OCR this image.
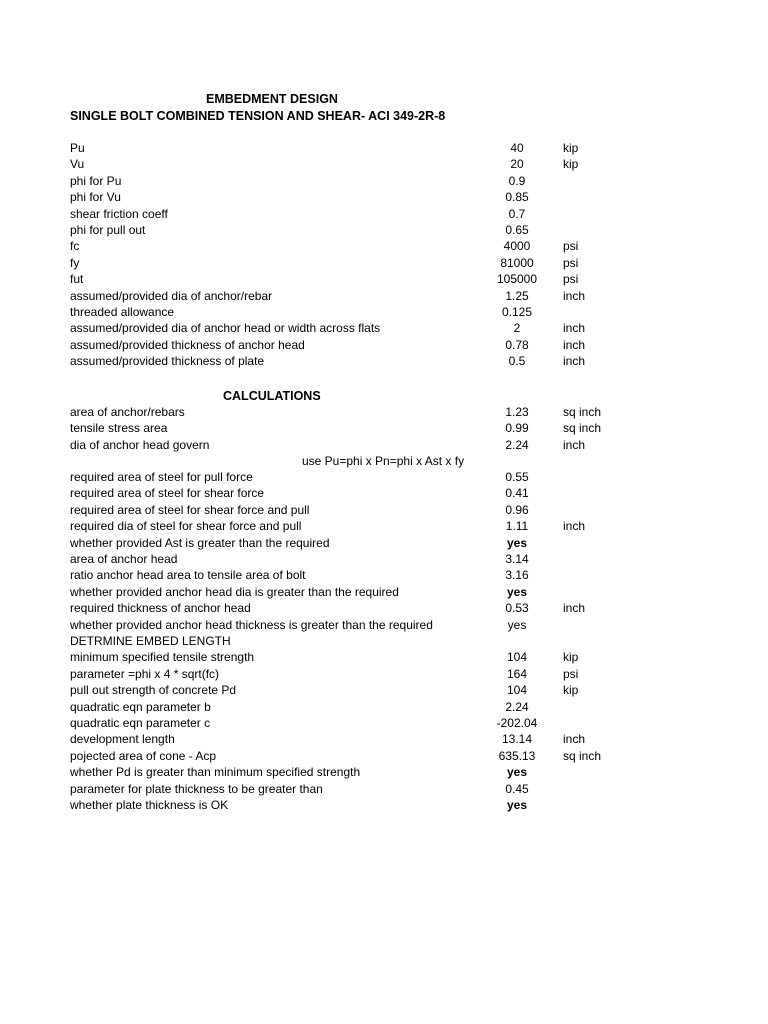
EMBEDMENT DESIGN
SINGLE BOLT COMBINED TENSION AND SHEAR- ACI 349-2R-8
Pu	40	kip
Vu	20	kip
phi for Pu	0.9
phi for Vu	0.85
shear friction coeff	0.7
phi for pull out	0.65
fc	4000	psi
fy	81000	psi
fut	105000	psi
assumed/provided dia of anchor/rebar	1.25	inch
threaded allowance	0.125
assumed/provided dia of anchor head or width across flats	2	inch
assumed/provided thickness of anchor head	0.78	inch
assumed/provided thickness of plate	0.5	inch
CALCULATIONS
area of anchor/rebars	1.23	sq inch
tensile stress area	0.99	sq inch
dia of anchor head govern	2.24	inch
use Pu=phi x Pn=phi x Ast x fy
required area of steel for pull force	0.55
required area of steel for shear force	0.41
required area of steel for shear force and pull	0.96
required dia of steel for shear force and pull	1.11	inch
whether provided Ast is greater than the required	yes
area of anchor head	3.14
ratio anchor head area to tensile area of bolt	3.16
whether provided anchor head dia is greater than the required	yes
required thickness of anchor head	0.53	inch
whether provided anchor head thickness is greater than the required	yes
DETRMINE EMBED LENGTH
minimum specified tensile strength	104	kip
parameter =phi x 4 * sqrt(fc)	164	psi
pull out strength of concrete Pd	104	kip
quadratic eqn parameter b	2.24
quadratic eqn parameter c	-202.04
development length	13.14	inch
pojected area of cone - Acp	635.13	sq inch
whether Pd is greater than minimum specified strength	yes
parameter for plate thickness to be greater than	0.45
whether plate thickness is OK	yes
